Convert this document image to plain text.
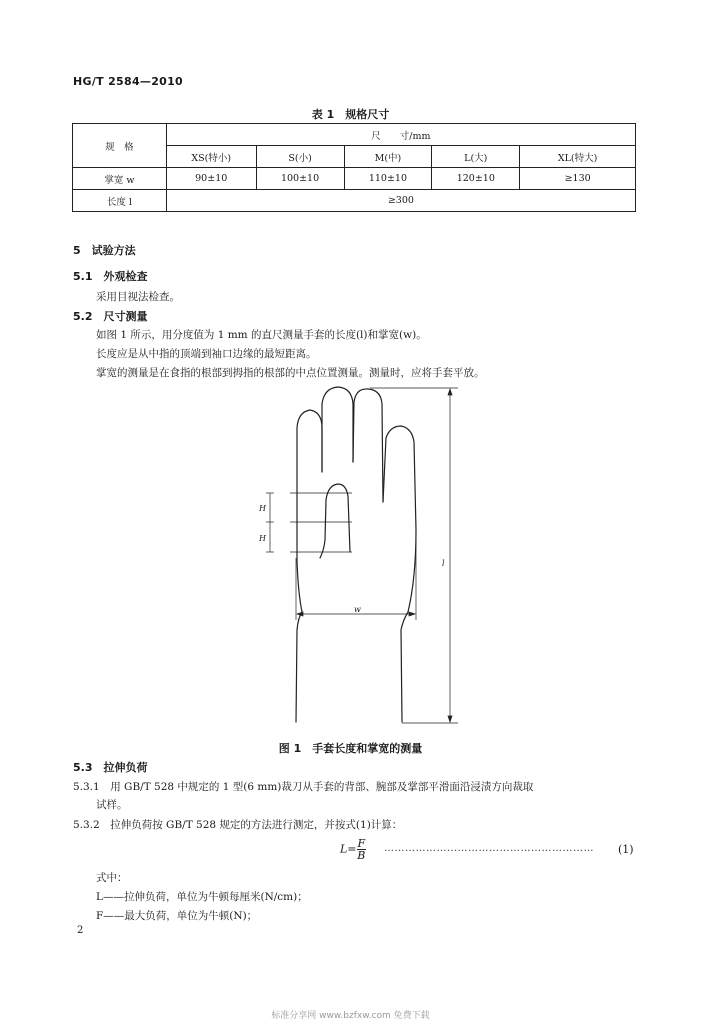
HG/T 2584—2010
表 1　规格尺寸
规　格	尺　　寸/mm				
	XS(特小)	S(小)	M(中)	L(大)	XL(特大)
掌宽 w	90±10	100±10	110±10	120±10	≥130
长度 l	≥300				
5　试验方法
5.1　外观检查
采用目视法检查。
5.2　尺寸测量
如图 1 所示，用分度值为 1 mm 的直尺测量手套的长度(l)和掌宽(w)。
长度应是从中指的顶端到袖口边缘的最短距离。
掌宽的测量是在食指的根部到拇指的根部的中点位置测量。测量时，应将手套平放。
H
H
w
l
图 1　手套长度和掌宽的测量
5.3　拉伸负荷
5.3.1　用 GB/T 528 中规定的 1 型(6 mm)裁刀从手套的背部、腕部及掌部平滑面沿浸渍方向裁取
试样。
5.3.2　拉伸负荷按 GB/T 528 规定的方法进行测定，并按式(1)计算：
$L= \frac{F}{B}$ …………………………………………………… (1)
式中：
L——拉伸负荷，单位为牛顿每厘米(N/cm)；
F——最大负荷，单位为牛顿(N)；
2
标准分享网 www.bzfxw.com 免费下载
